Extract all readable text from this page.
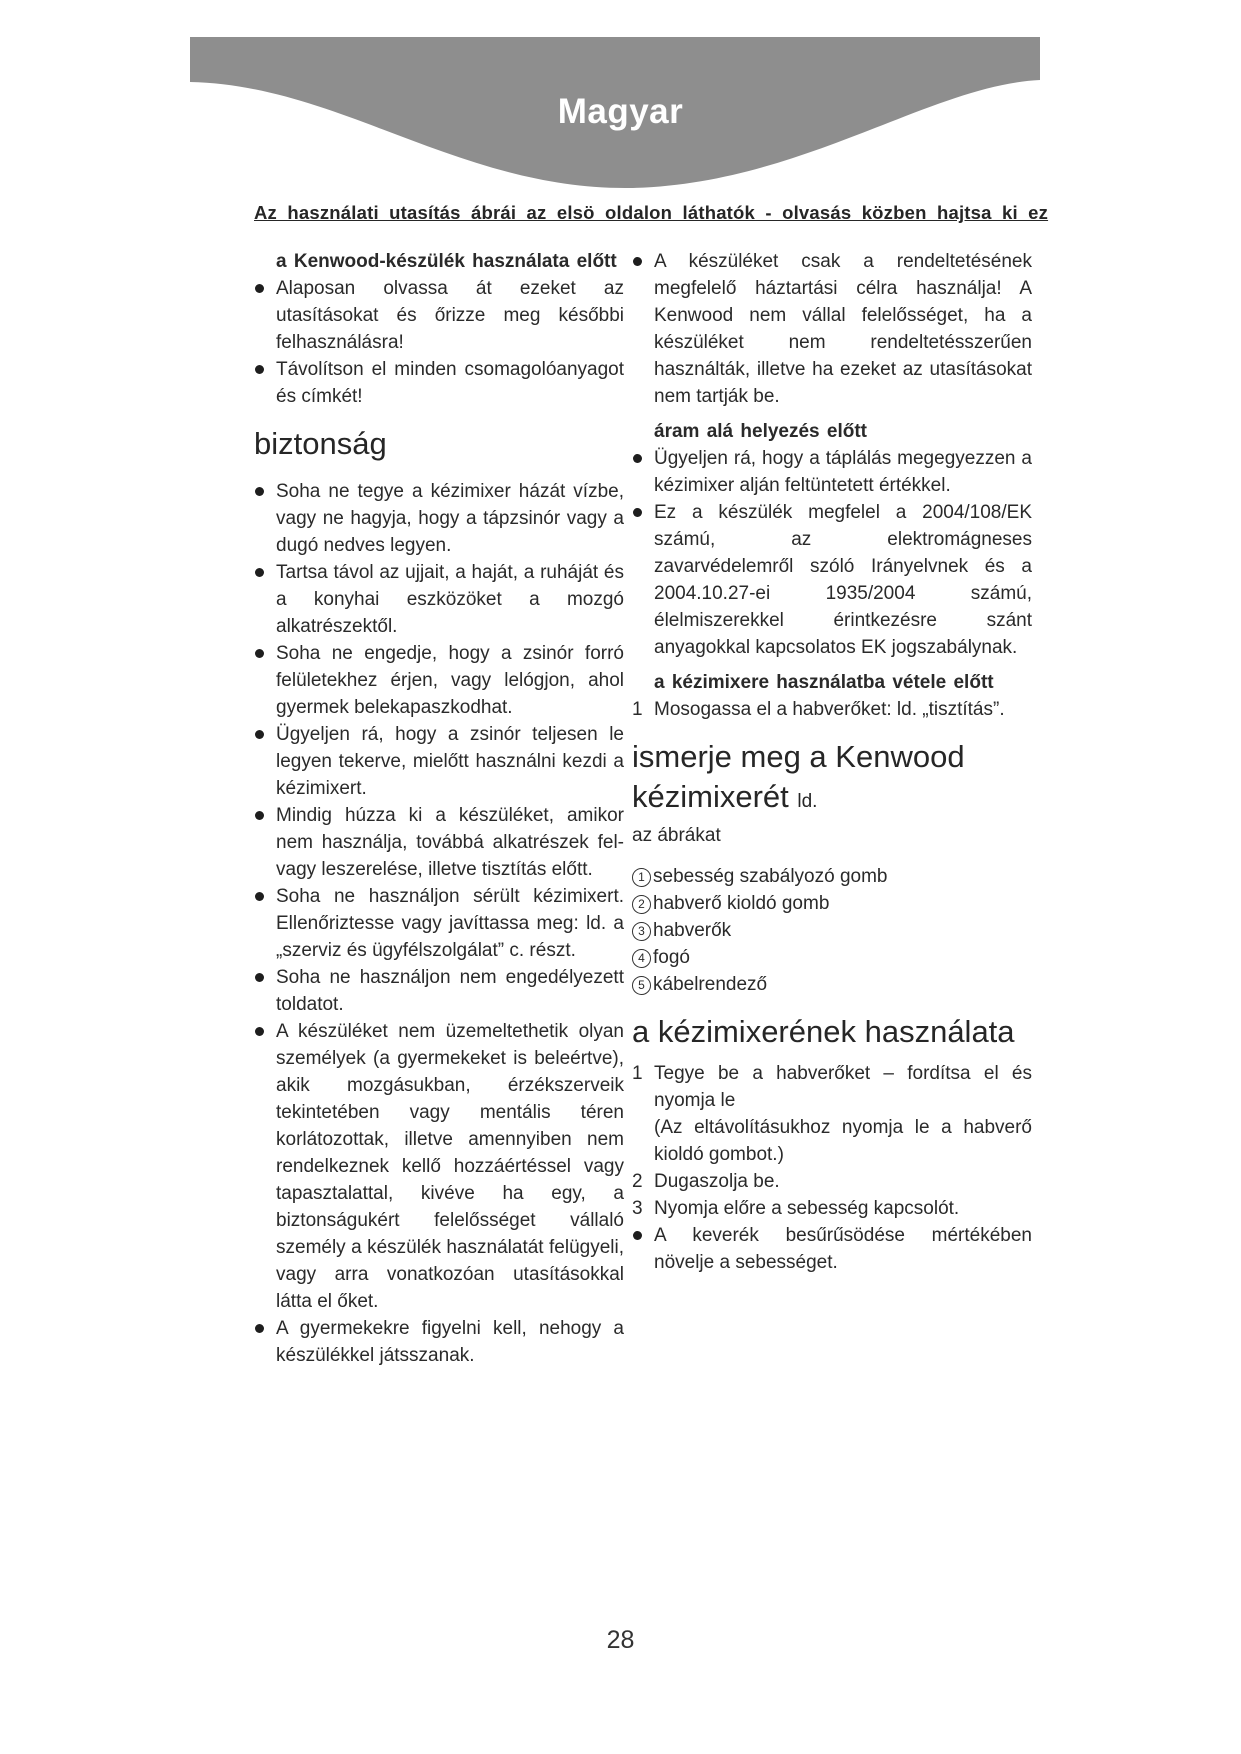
Magyar
Az használati utasítás ábrái az elsö oldalon láthatók - olvasás közben hajtsa ki ez

a Kenwood-készülék használata előtt

Alaposan olvassa át ezeket az utasításokat és őrizze meg későbbi felhasználásra!

Távolítson el minden csomagolóanyagot és címkét!

biztonság

Soha ne tegye a kézimixer házát vízbe, vagy ne hagyja, hogy a tápzsinór vagy a dugó nedves legyen.

Tartsa távol az ujjait, a haját, a ruháját és a konyhai eszközöket a mozgó alkatrészektől.

Soha ne engedje, hogy a zsinór forró felületekhez érjen, vagy lelógjon, ahol gyermek belekapaszkodhat.

Ügyeljen rá, hogy a zsinór teljesen le legyen tekerve, mielőtt használni kezdi a kézimixert.

Mindig húzza ki a készüléket, amikor nem használja, továbbá alkatrészek fel- vagy leszerelése, illetve tisztítás előtt.

Soha ne használjon sérült kézimixert. Ellenőriztesse vagy javíttassa meg: ld. a „szerviz és ügyfélszolgálat” c. részt.

Soha ne használjon nem engedélyezett toldatot.

A készüléket nem üzemeltethetik olyan személyek (a gyermekeket is beleértve), akik mozgásukban, érzékszerveik tekintetében vagy mentális téren korlátozottak, illetve amennyiben nem rendelkeznek kellő hozzáértéssel vagy tapasztalattal, kivéve ha egy, a biztonságukért felelősséget vállaló személy a készülék használatát felügyeli, vagy arra vonatkozóan utasításokkal látta el őket.

A gyermekekre figyelni kell, nehogy a készülékkel játsszanak.

A készüléket csak a rendeltetésének megfelelő háztartási célra használja! A Kenwood nem vállal felelősséget, ha a készüléket nem rendeltetésszerűen használták, illetve ha ezeket az utasításokat nem tartják be.

áram alá helyezés előtt

Ügyeljen rá, hogy a táplálás megegyezzen a kézimixer alján feltüntetett értékkel.

Ez a készülék megfelel a 2004/108/EK számú, az elektromágneses zavarvédelemről szóló Irányelvnek és a 2004.10.27-ei 1935/2004 számú, élelmiszerekkel érintkezésre szánt anyagokkal kapcsolatos EK jogszabálynak.

a kézimixere használatba vétele előtt

1 Mosogassa el a habverőket: ld. „tisztítás”.

ismerje meg a Kenwood kézimixerét ld.

az ábrákat

1 sebesség szabályozó gomb

2 habverő kioldó gomb

3 habverők

4 fogó

5 kábelrendező

a kézimixerének használata

1 Tegye be a habverőket – fordítsa el és nyomja le

(Az eltávolításukhoz nyomja le a habverő kioldó gombot.)

2 Dugaszolja be.

3 Nyomja előre a sebesség kapcsolót.

A keverék besűrűsödése mértékében növelje a sebességet.

28
